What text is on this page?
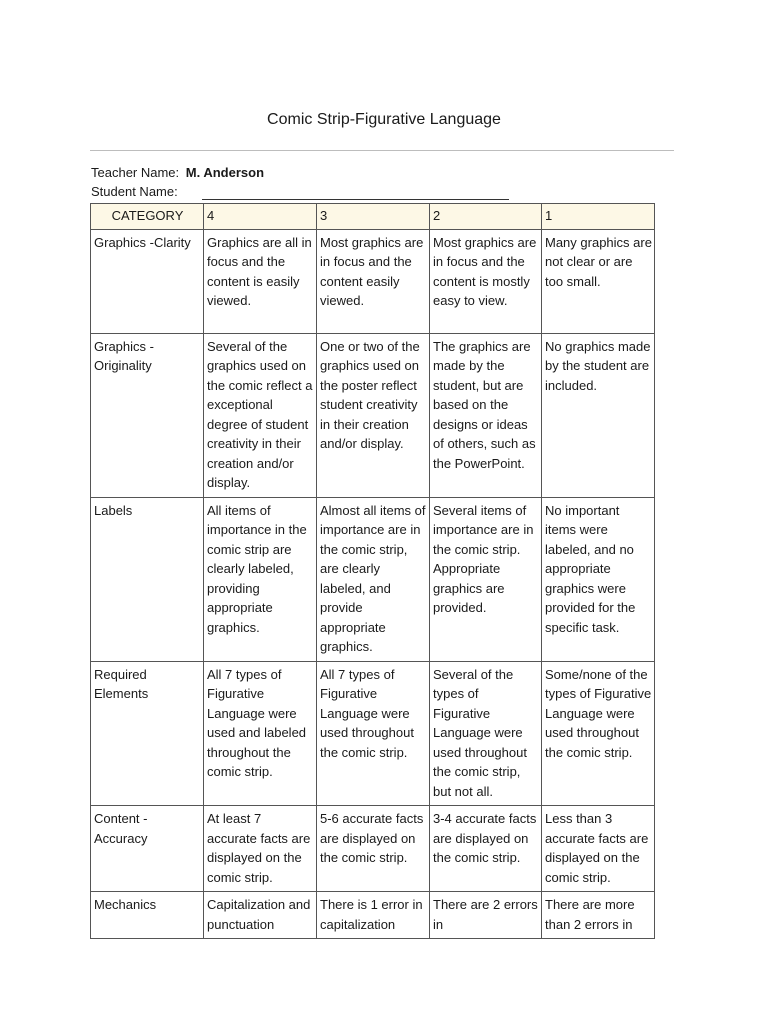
Comic Strip-Figurative Language
Teacher Name: M. Anderson
Student Name:
CATEGORY	4	3	2	1
Graphics -Clarity	Graphics are all in focus and the content is easily viewed.	Most graphics are in focus and the content easily viewed.	Most graphics are in focus and the content is mostly easy to view.	Many graphics are not clear or are too small.
Graphics - Originality	Several of the graphics used on the comic reflect a exceptional degree of student creativity in their creation and/or display.	One or two of the graphics used on the poster reflect student creativity in their creation and/or display.	The graphics are made by the student, but are based on the designs or ideas of others, such as the PowerPoint.	No graphics made by the student are included.
Labels	All items of importance in the comic strip are clearly labeled, providing appropriate graphics.	Almost all items of importance are in the comic strip, are clearly labeled, and provide appropriate graphics.	Several items of importance are in the comic strip. Appropriate graphics are provided.	No important items were labeled, and no appropriate graphics were provided for the specific task.
Required Elements	All 7 types of Figurative Language were used and labeled throughout the comic strip.	All 7 types of Figurative Language were used throughout the comic strip.	Several of the types of Figurative Language were used throughout the comic strip, but not all.	Some/none of the types of Figurative Language were used throughout the comic strip.
Content - Accuracy	At least 7 accurate facts are displayed on the comic strip.	5-6 accurate facts are displayed on the comic strip.	3-4 accurate facts are displayed on the comic strip.	Less than 3 accurate facts are displayed on the comic strip.
Mechanics	Capitalization and punctuation	There is 1 error in capitalization	There are 2 errors in	There are more than 2 errors in
